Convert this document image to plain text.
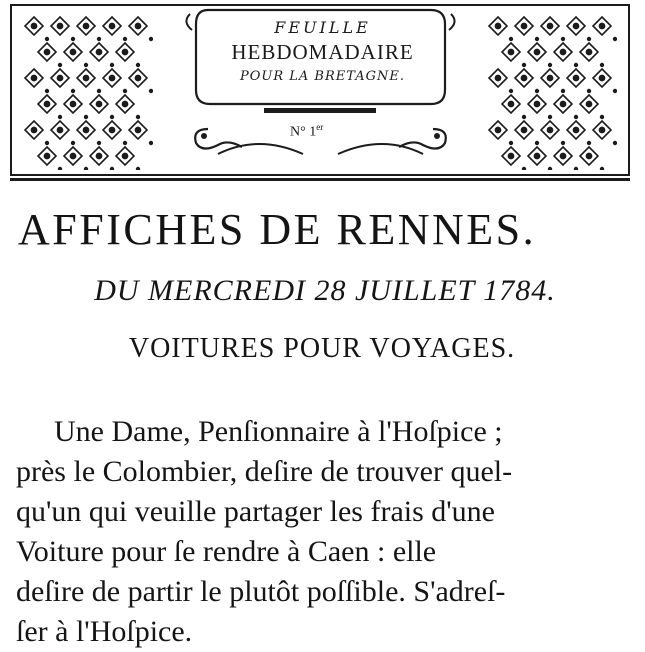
FEUILLE
HEBDOMADAIRE
POUR LA BRETAGNE.
N° 1er
AFFICHES DE RENNES.
DU MERCREDI 28 JUILLET 1784.
VOITURES POUR VOYAGES.
Une Dame, Penſionnaire à l'Hoſpice ;
près le Colombier, deſire de trouver quel-
qu'un qui veuille partager les frais d'une
Voiture pour ſe rendre à Caen : elle
deſire de partir le plutôt poſſible. S'adreſ-
ſer à l'Hoſpice.
